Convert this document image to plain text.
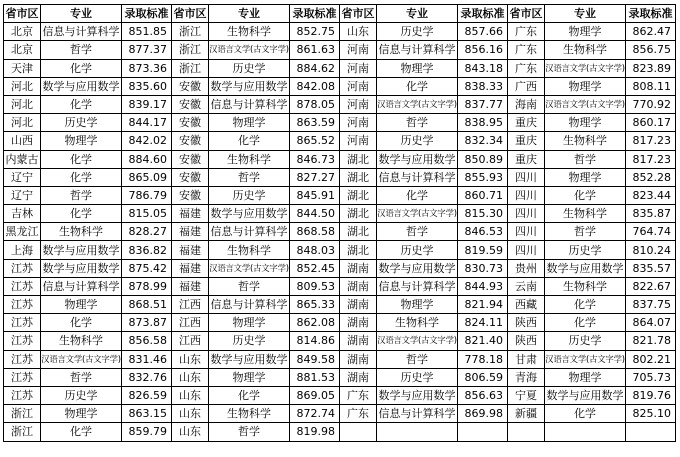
省市区	专业	录取标准	省市区	专业	录取标准	省市区	专业	录取标准	省市区	专业	录取标准
北京	信息与计算科学	851.85	浙江	生物科学	852.75	山东	历史学	857.66	广东	物理学	862.47
北京	哲学	877.37	浙江	汉语言文学(古文字学)	861.63	河南	信息与计算科学	856.16	广东	生物科学	856.75
天津	化学	873.36	浙江	历史学	884.62	河南	物理学	843.18	广东	汉语言文学(古文字学)	823.89
河北	数学与应用数学	835.60	安徽	数学与应用数学	842.08	河南	化学	838.33	广西	物理学	808.11
河北	化学	839.17	安徽	信息与计算科学	878.05	河南	汉语言文学(古文字学)	837.77	海南	汉语言文学(古文字学)	770.92
河北	历史学	844.17	安徽	物理学	863.59	河南	哲学	838.95	重庆	物理学	860.17
山西	物理学	842.02	安徽	化学	865.52	河南	历史学	832.34	重庆	生物科学	817.23
内蒙古	化学	884.60	安徽	生物科学	846.73	湖北	数学与应用数学	850.89	重庆	哲学	817.23
辽宁	化学	865.09	安徽	哲学	827.27	湖北	信息与计算科学	855.93	四川	物理学	852.28
辽宁	哲学	786.79	安徽	历史学	845.91	湖北	化学	860.71	四川	化学	823.44
吉林	化学	815.05	福建	数学与应用数学	844.50	湖北	汉语言文学(古文字学)	815.30	四川	生物科学	835.87
黑龙江	生物科学	828.27	福建	信息与计算科学	868.58	湖北	哲学	846.53	四川	哲学	764.74
上海	数学与应用数学	836.82	福建	生物科学	848.03	湖北	历史学	819.59	四川	历史学	810.24
江苏	数学与应用数学	875.42	福建	汉语言文学(古文字学)	852.45	湖南	数学与应用数学	830.73	贵州	数学与应用数学	835.57
江苏	信息与计算科学	878.99	福建	哲学	809.53	湖南	信息与计算科学	844.93	云南	生物科学	822.67
江苏	物理学	868.51	江西	信息与计算科学	865.33	湖南	物理学	821.94	西藏	化学	837.75
江苏	化学	873.87	江西	物理学	862.08	湖南	生物科学	824.11	陕西	化学	864.07
江苏	生物科学	856.58	江西	历史学	814.86	湖南	汉语言文学(古文字学)	821.40	陕西	历史学	821.78
江苏	汉语言文学(古文字学)	831.46	山东	数学与应用数学	849.58	湖南	哲学	778.18	甘肃	汉语言文学(古文字学)	802.21
江苏	哲学	832.76	山东	物理学	881.53	湖南	历史学	806.59	青海	物理学	705.73
江苏	历史学	826.59	山东	化学	869.05	广东	数学与应用数学	856.63	宁夏	数学与应用数学	819.76
浙江	物理学	863.15	山东	生物科学	872.74	广东	信息与计算科学	869.98	新疆	化学	825.10
浙江	化学	859.79	山东	哲学	819.98						
